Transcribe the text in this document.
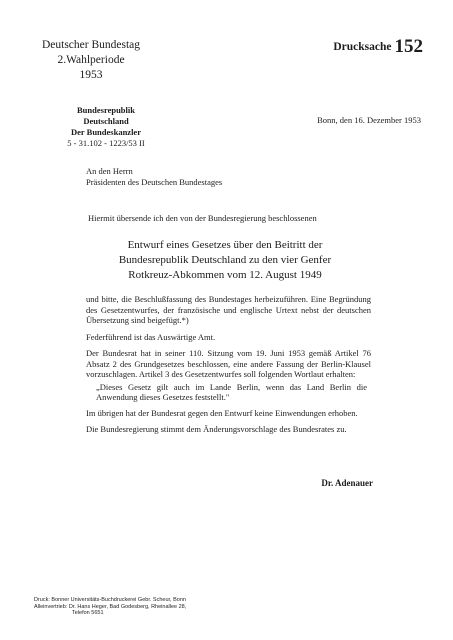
Deutscher Bundestag
2.Wahlperiode
1953
Drucksache 152
Bundesrepublik Deutschland
Der Bundeskanzler
5 - 31.102 - 1223/53 II
Bonn, den 16. Dezember 1953
An den Herrn
Präsidenten des Deutschen Bundestages
Hiermit übersende ich den von der Bundesregierung beschlossenen
Entwurf eines Gesetzes über den Beitritt der
Bundesrepublik Deutschland zu den vier Genfer
Rotkreuz-Abkommen vom 12. August 1949

und bitte, die Beschlußfassung des Bundestages herbeizuführen. Eine Begründung des Gesetzentwurfes, der französische und englische Urtext nebst der deutschen Übersetzung sind beigefügt.*)

Federführend ist das Auswärtige Amt.

Der Bundesrat hat in seiner 110. Sitzung vom 19. Juni 1953 gemäß Artikel 76 Absatz 2 des Grundgesetzes beschlossen, eine andere Fassung der Berlin-Klausel vorzuschlagen. Artikel 3 des Gesetzentwurfes soll folgenden Wortlaut erhalten:

„Dieses Gesetz gilt auch im Lande Berlin, wenn das Land Berlin die Anwendung dieses Gesetzes feststellt."

Im übrigen hat der Bundesrat gegen den Entwurf keine Einwendungen erhoben.

Die Bundesregierung stimmt dem Änderungsvorschlage des Bundesrates zu.

Dr. Adenauer
Druck: Bonner Universitäts-Buchdruckerei Gebr. Scheur, Bonn
Alleinvertrieb: Dr. Hans Heger, Bad Godesberg, Rheinallee 28,
Telefon 5651
